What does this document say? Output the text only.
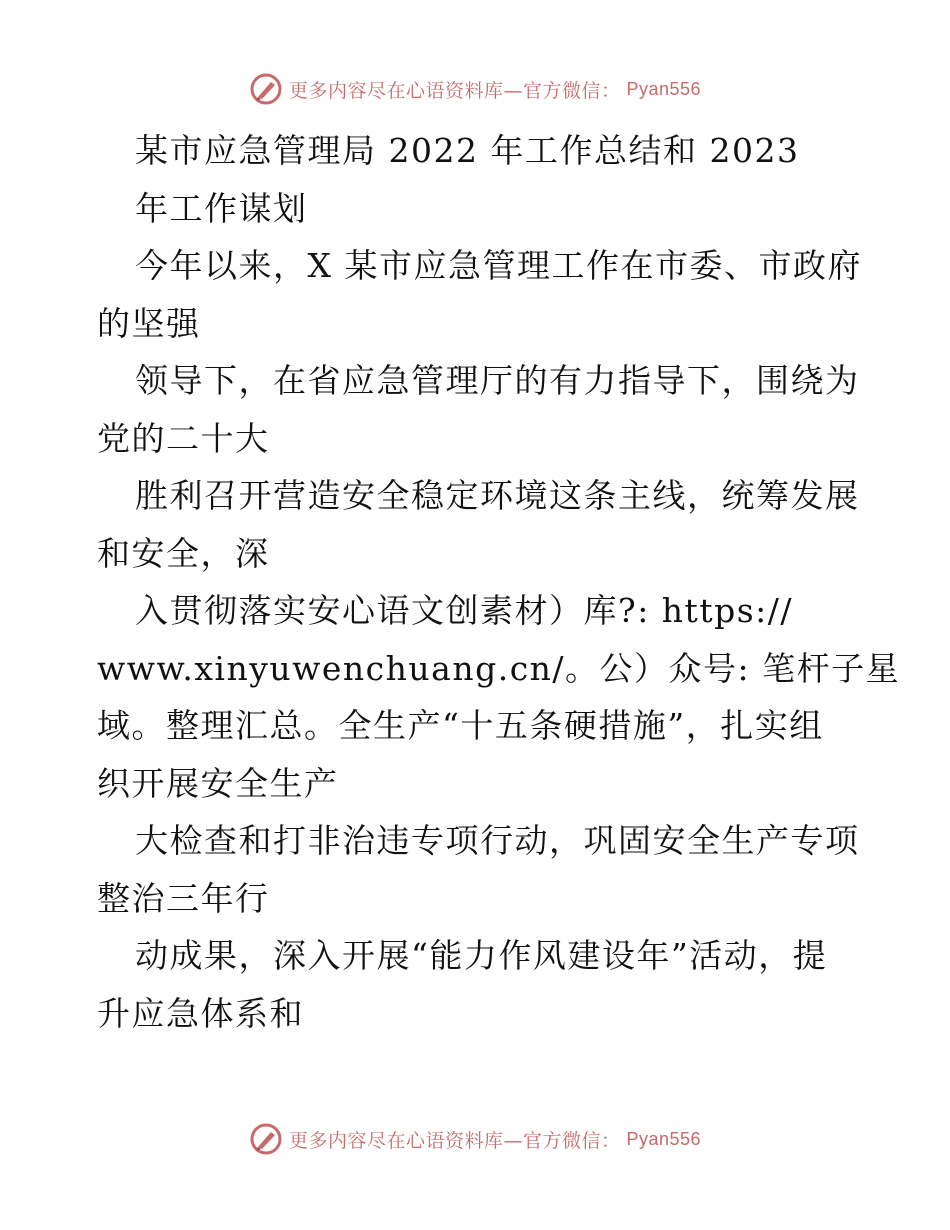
更多内容尽在心语资料库—官方微信： Pyan556
某市应急管理局 2022 年工作总结和 2023
年工作谋划
今年以来，X 某市应急管理工作在市委、市政府
的坚强
领导下，在省应急管理厅的有力指导下，围绕为
党的二十大
胜利召开营造安全稳定环境这条主线，统筹发展
和安全，深
入贯彻落实安心语文创素材）库?: https://
www.xinyuwenchuang.cn/。公）众号: 笔杆子星
域。整理汇总。全生产“十五条硬措施”，扎实组
织开展安全生产
大检查和打非治违专项行动，巩固安全生产专项
整治三年行
动成果，深入开展“能力作风建设年”活动，提
升应急体系和
更多内容尽在心语资料库—官方微信： Pyan556
